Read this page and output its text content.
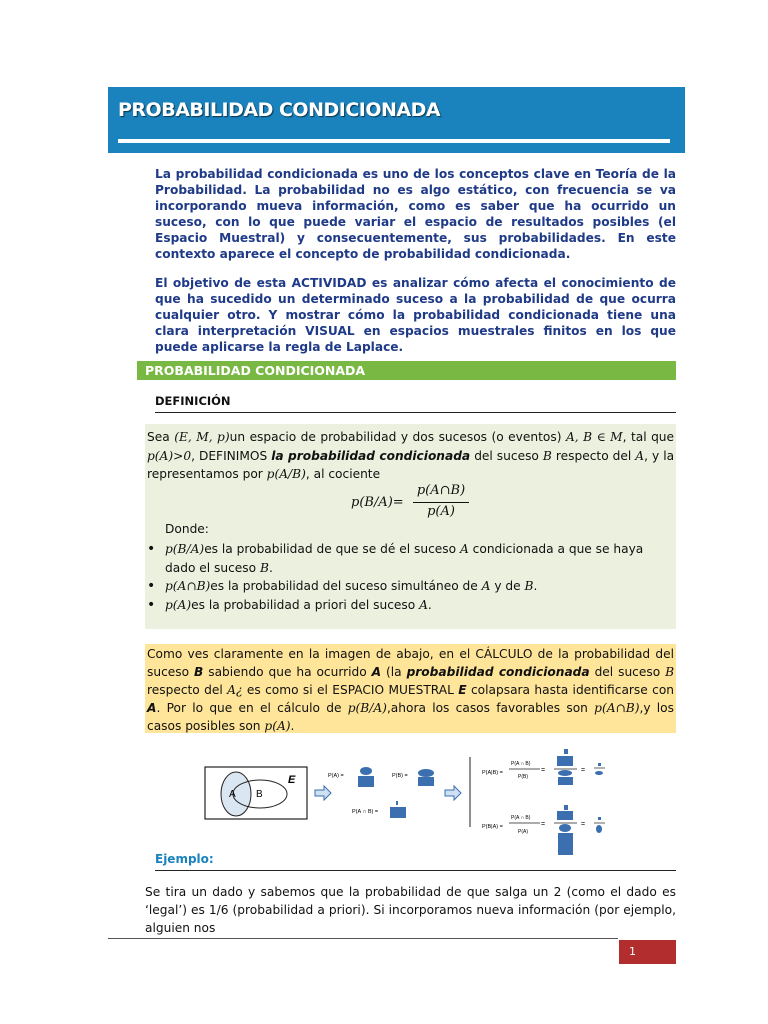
PROBABILIDAD CONDICIONADA

La probabilidad condicionada es uno de los conceptos clave en Teoría de la Probabilidad. La probabilidad no es algo estático, con frecuencia se va incorporando mueva información, como es saber que ha ocurrido un suceso, con lo que puede variar el espacio de resultados posibles (el Espacio Muestral) y consecuentemente, sus probabilidades. En este contexto aparece el concepto de probabilidad condicionada.

El objetivo de esta ACTIVIDAD es analizar cómo afecta el conocimiento de que ha sucedido un determinado suceso a la probabilidad de que ocurra cualquier otro. Y mostrar cómo la probabilidad condicionada tiene una clara interpretación VISUAL en espacios muestrales finitos en los que puede aplicarse la regla de Laplace.

PROBABILIDAD CONDICIONADA
DEFINICIÓN
Sea (E, M, p)un espacio de probabilidad y dos sucesos (o eventos) A, B ∈ M, tal que p(A)>0, DEFINIMOS la probabilidad condicionada del suceso B respecto del A, y la representamos por p(A/B), al cociente
$p(B/A)= \frac{p(A\cap B)}{p(A)}$
Donde:
• p(B/A)es la probabilidad de que se dé el suceso A condicionada a que se haya dado el suceso B.
• p(A∩B)es la probabilidad del suceso simultáneo de A y de B.
• p(A)es la probabilidad a priori del suceso A.
Como ves claramente en la imagen de abajo, en el CÁLCULO de la probabilidad del suceso B sabiendo que ha ocurrido A (la probabilidad condicionada del suceso B respecto del A¿ es como si el ESPACIO MUESTRAL E colapsara hasta identificarse con A. Por lo que en el cálculo de p(B/A),ahora los casos favorables son p(A∩B),y los casos posibles son p(A).
E
A B
P(A) =	P(B) =
P(A ∩ B) =
P(A|B) =
P(A ∩ B)
P(B)
=	=
P(B|A) =
P(A ∩ B)
P(A)
=	=
Ejemplo:
Se tira un dado y sabemos que la probabilidad de que salga un 2 (como el dado es ‘legal’) es 1/6 (probabilidad a priori). Si incorporamos nueva información (por ejemplo, alguien nos
1
